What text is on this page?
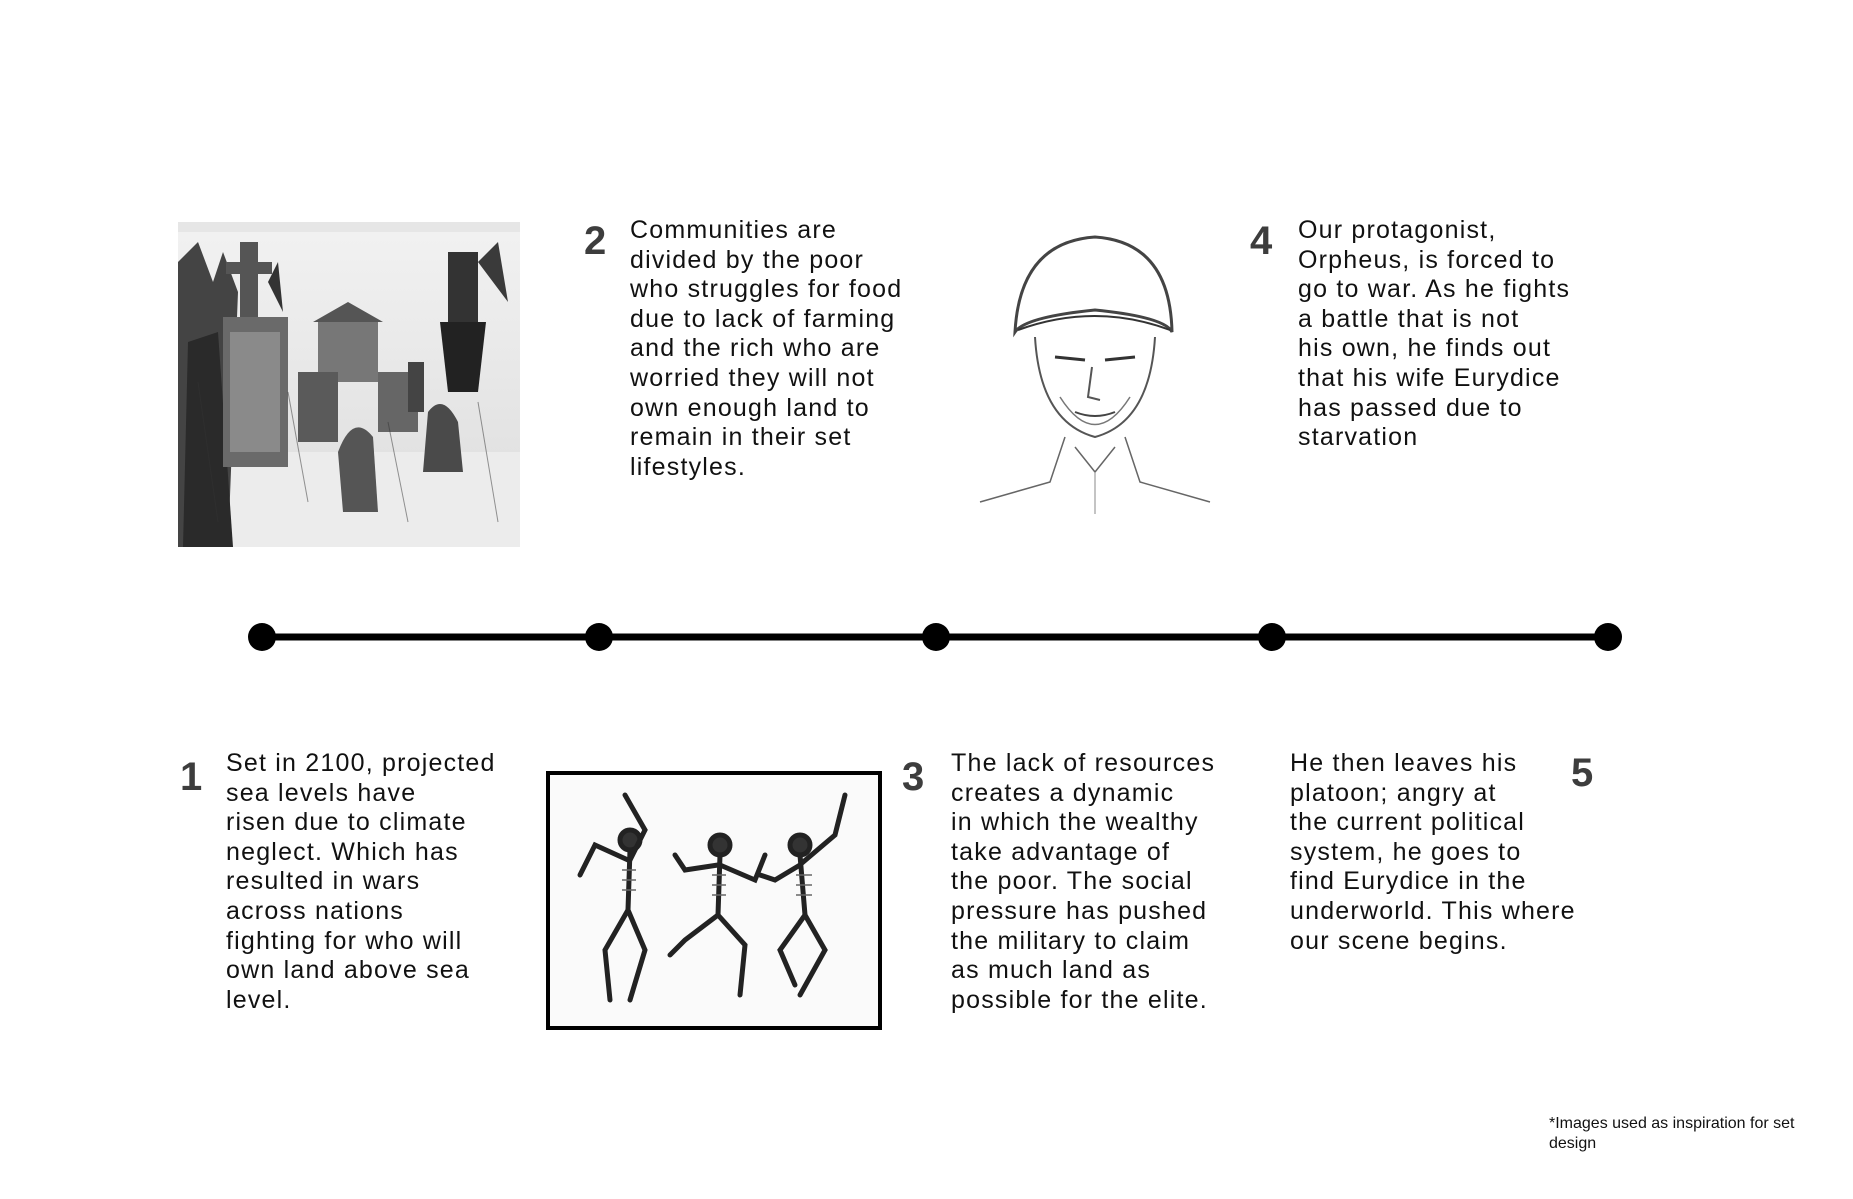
1 Set in 2100, projected
sea levels have
risen due to climate
neglect. Which has
resulted in wars
across nations
fighting for who will
own land above sea
level.
2 Communities are
divided by the poor
who struggles for food
due to lack of farming
and the rich who are
worried they will not
own enough land to
remain in their set
lifestyles.
3 The lack of resources
creates a dynamic
in which the wealthy
take advantage of
the poor. The social
pressure has pushed
the military to claim
as much land as
possible for the elite.
4 Our protagonist,
Orpheus, is forced to
go to war. As he fights
a battle that is not
his own, he finds out
that his wife Eurydice
has passed due to
starvation
He then leaves his
platoon; angry at
the current political
system, he goes to
find Eurydice in the
underworld. This where
our scene begins.
5
*Images used as inspiration for set
design
